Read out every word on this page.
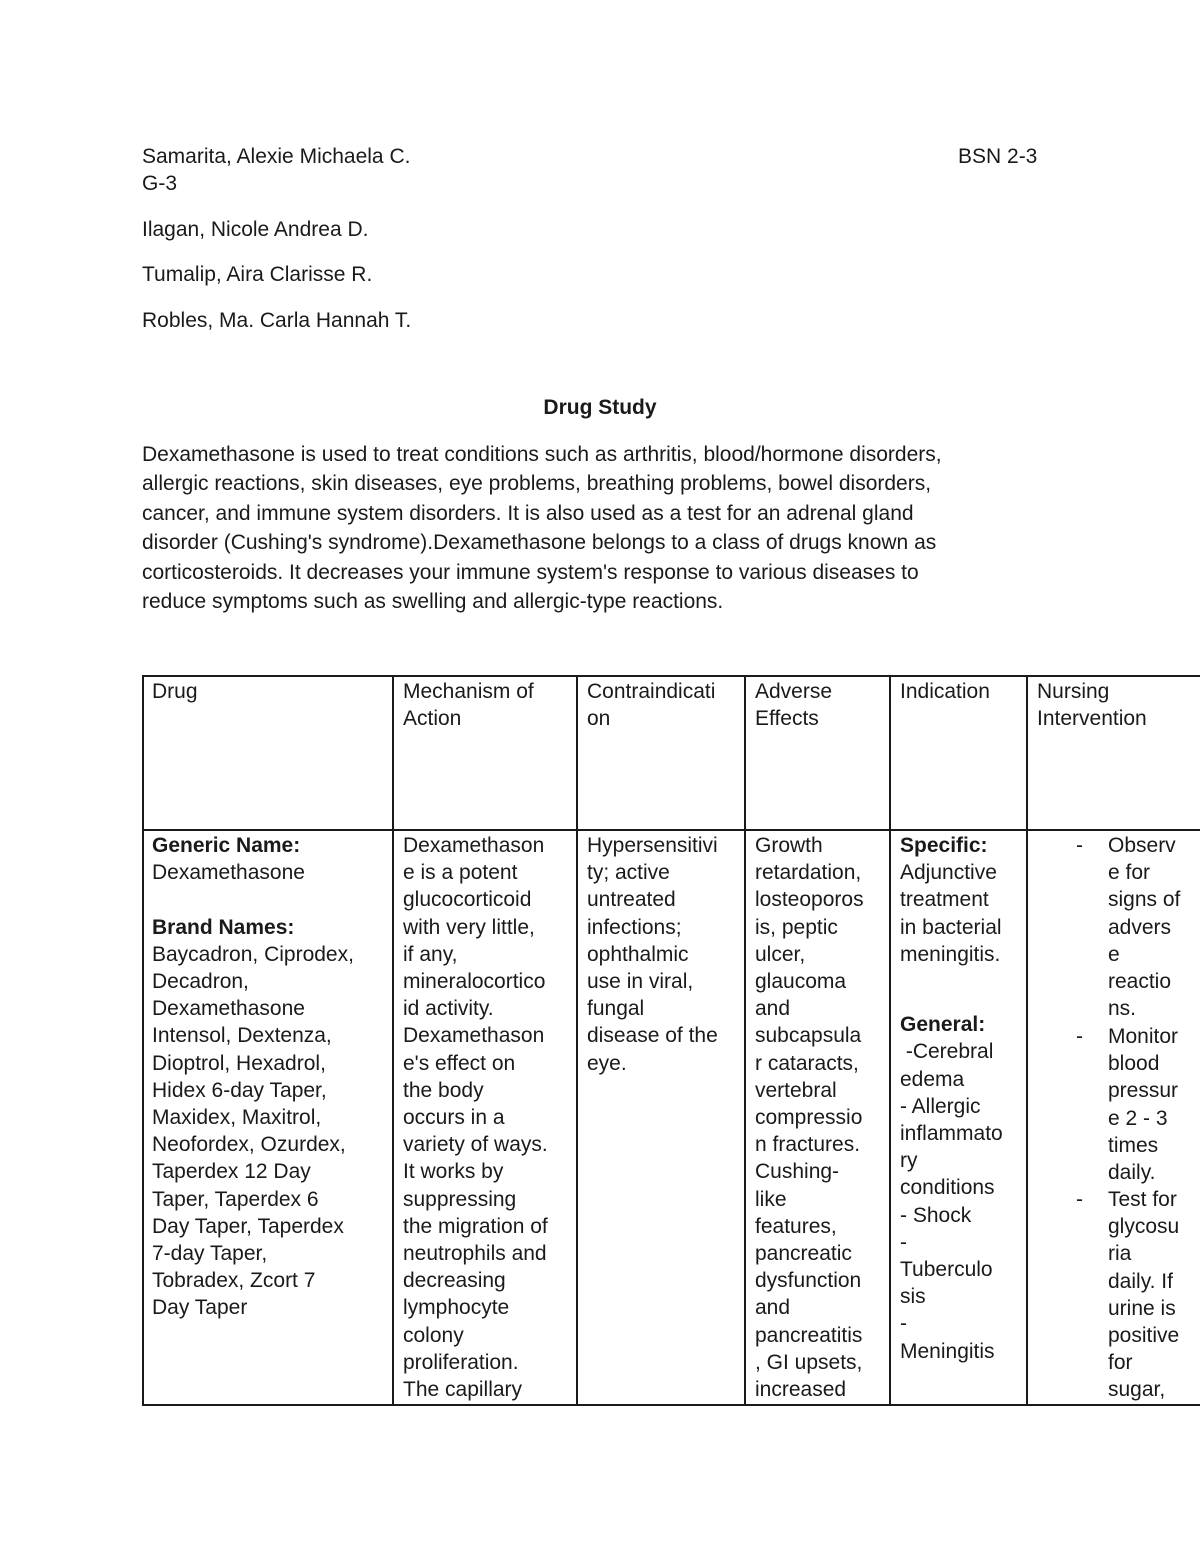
Samarita, Alexie Michaela C.	BSN 2-3
G-3
Ilagan, Nicole Andrea D.
Tumalip, Aira Clarisse R.
Robles, Ma. Carla Hannah T.
Drug Study
Dexamethasone is used to treat conditions such as arthritis, blood/hormone disorders,
allergic reactions, skin diseases, eye problems, breathing problems, bowel disorders,
cancer, and immune system disorders. It is also used as a test for an adrenal gland
disorder (Cushing's syndrome).Dexamethasone belongs to a class of drugs known as
corticosteroids. It decreases your immune system's response to various diseases to
reduce symptoms such as swelling and allergic-type reactions.
Drug	Mechanism of
Action
Contraindicati
on
Adverse
Effects
Indication Nursing
Intervention
Generic Name:
Dexamethasone
Brand Names:
Baycadron, Ciprodex,
Decadron,
Dexamethasone
Intensol, Dextenza,
Dioptrol, Hexadrol,
Hidex 6-day Taper,
Maxidex, Maxitrol,
Neofordex, Ozurdex,
Taperdex 12 Day
Taper, Taperdex 6
Day Taper, Taperdex
7-day Taper,
Tobradex, Zcort 7
Day Taper
Dexamethason
e is a potent
glucocorticoid
with very little,
if any,
mineralocortico
id activity.
Dexamethason
e's effect on
the body
occurs in a
variety of ways.
It works by
suppressing
the migration of
neutrophils and
decreasing
lymphocyte
colony
proliferation.
The capillary
Hypersensitivi
ty; active
untreated
infections;
ophthalmic
use in viral,
fungal
disease of the
eye.
Growth
retardation,
losteoporos
is, peptic
ulcer,
glaucoma
and
subcapsula
r cataracts,
vertebral
compressio
n fractures.
Cushing-
like
features,
pancreatic
dysfunction
and
pancreatitis
, GI upsets,
increased
Specific:
Adjunctive
treatment
in bacterial
meningitis.
General:
-Cerebral
edema
- Allergic
inflammato
ry
conditions
- Shock
-
Tuberculo
sis
-
Meningitis
- Observ
e for
signs of
advers
e
reactio
ns.
- Monitor
blood
pressur
e 2 - 3
times
daily.
- Test for
glycosu
ria
daily. If
urine is
positive
for
sugar,
